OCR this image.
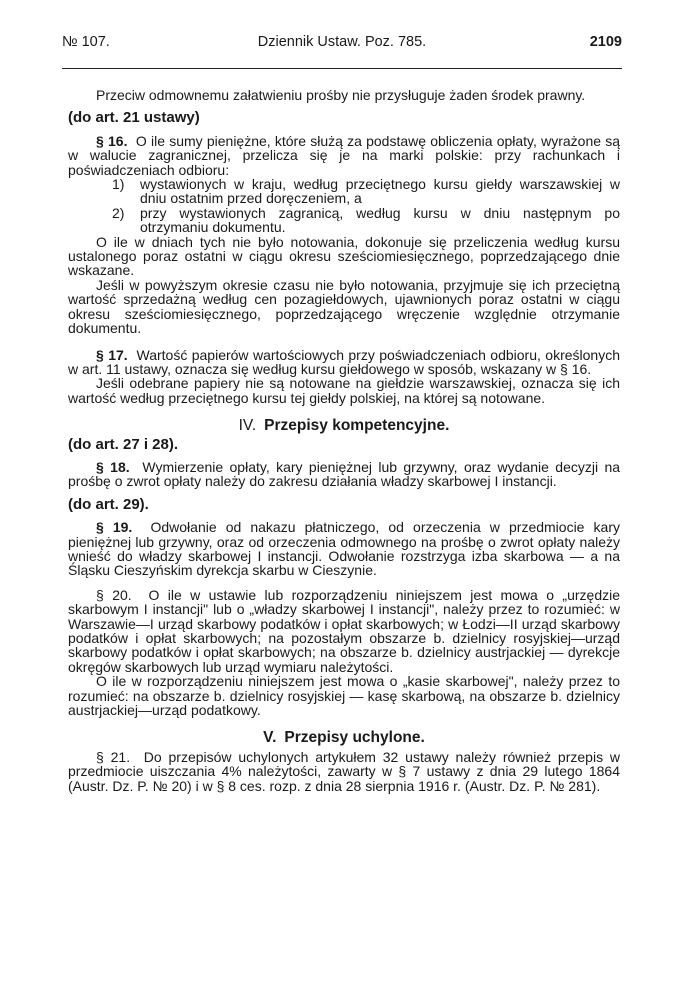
№ 107.	Dziennik Ustaw. Poz. 785.	2109

Przeciw odmownemu załatwieniu prośby nie przysługuje żaden środek prawny.

(do art. 21 ustawy)

§ 16. O ile sumy pieniężne, które służą za podstawę obliczenia opłaty, wyrażone są w walucie zagranicznej, przelicza się je na marki polskie: przy rachunkach i poświadczeniach odbioru:

1)	wystawionych w kraju, według przeciętnego kursu giełdy warszawskiej w dniu ostatnim przed doręczeniem, a
2)	przy wystawionych zagranicą, według kursu w dniu następnym po otrzymaniu dokumentu.

O ile w dniach tych nie było notowania, dokonuje się przeliczenia według kursu ustalonego poraz ostatni w ciągu okresu sześciomiesięcznego, poprzedzającego dnie wskazane.

Jeśli w powyższym okresie czasu nie było notowania, przyjmuje się ich przeciętną wartość sprzedażną według cen pozagiełdowych, ujawnionych poraz ostatni w ciągu okresu sześciomiesięcznego, poprzedzającego wręczenie względnie otrzymanie dokumentu.

§ 17. Wartość papierów wartościowych przy poświadczeniach odbioru, określonych w art. 11 ustawy, oznacza się według kursu giełdowego w sposób, wskazany w § 16.

Jeśli odebrane papiery nie są notowane na giełdzie warszawskiej, oznacza się ich wartość według przeciętnego kursu tej giełdy polskiej, na której są notowane.

IV. Przepisy kompetencyjne.

(do art. 27 i 28).

§ 18. Wymierzenie opłaty, kary pieniężnej lub grzywny, oraz wydanie decyzji na prośbę o zwrot opłaty należy do zakresu działania władzy skarbowej I instancji.

(do art. 29).

§ 19. Odwołanie od nakazu płatniczego, od orzeczenia w przedmiocie kary pieniężnej lub grzywny, oraz od orzeczenia odmownego na prośbę o zwrot opłaty należy wnieść do władzy skarbowej I instancji. Odwołanie rozstrzyga izba skarbowa — a na Śląsku Cieszyńskim dyrekcja skarbu w Cieszynie.

§ 20. O ile w ustawie lub rozporządzeniu niniejszem jest mowa o „urzędzie skarbowym I instancji" lub o „władzy skarbowej I instancji", należy przez to rozumieć: w Warszawie—I urząd skarbowy podatków i opłat skarbowych; w Łodzi—II urząd skarbowy podatków i opłat skarbowych; na pozostałym obszarze b. dzielnicy rosyjskiej—urząd skarbowy podatków i opłat skarbowych; na obszarze b. dzielnicy austrjackiej — dyrekcje okręgów skarbowych lub urząd wymiaru należytości.

O ile w rozporządzeniu niniejszem jest mowa o „kasie skarbowej", należy przez to rozumieć: na obszarze b. dzielnicy rosyjskiej — kasę skarbową, na obszarze b. dzielnicy austrjackiej—urząd podatkowy.

V. Przepisy uchylone.

§ 21. Do przepisów uchylonych artykułem 32 ustawy należy również przepis w przedmiocie uiszczania 4% należytości, zawarty w § 7 ustawy z dnia 29 lutego 1864 (Austr. Dz. P. № 20) i w § 8 ces. rozp. z dnia 28 sierpnia 1916 r. (Austr. Dz. P. № 281).
